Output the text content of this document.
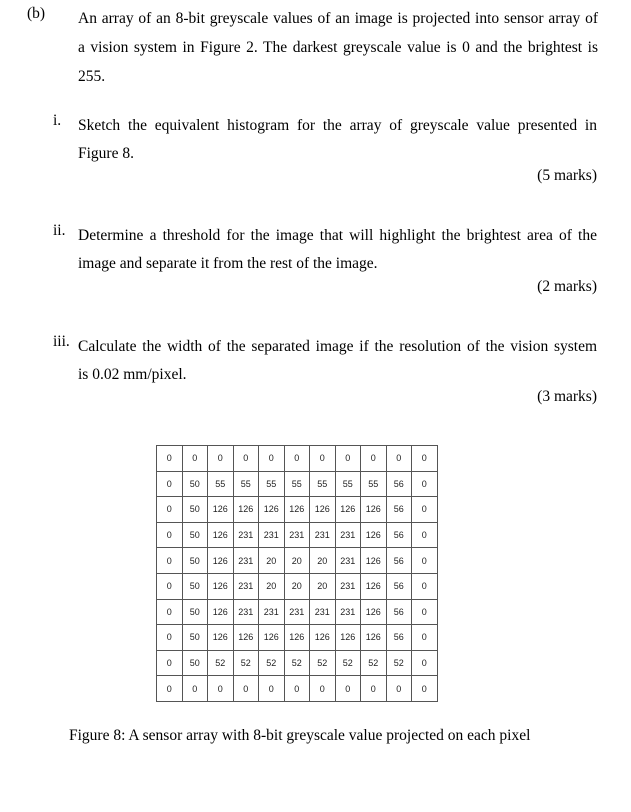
(b) An array of an 8-bit greyscale values of an image is projected into sensor array of
a vision system in Figure 2. The darkest greyscale value is 0 and the brightest is
255.
i. Sketch the equivalent histogram for the array of greyscale value presented in
Figure 8.
(5 marks)
ii. Determine a threshold for the image that will highlight the brightest area of the
image and separate it from the rest of the image.
(2 marks)
iii. Calculate the width of the separated image if the resolution of the vision system
is 0.02 mm/pixel.
(3 marks)
0	0	0	0	0	0	0	0	0	0	0
0	50	55	55	55	55	55	55	55	56	0
0	50	126	126	126	126	126	126	126	56	0
0	50	126	231	231	231	231	231	126	56	0
0	50	126	231	20	20	20	231	126	56	0
0	50	126	231	20	20	20	231	126	56	0
0	50	126	231	231	231	231	231	126	56	0
0	50	126	126	126	126	126	126	126	56	0
0	50	52	52	52	52	52	52	52	52	0
0	0	0	0	0	0	0	0	0	0	0
Figure 8: A sensor array with 8-bit greyscale value projected on each pixel
